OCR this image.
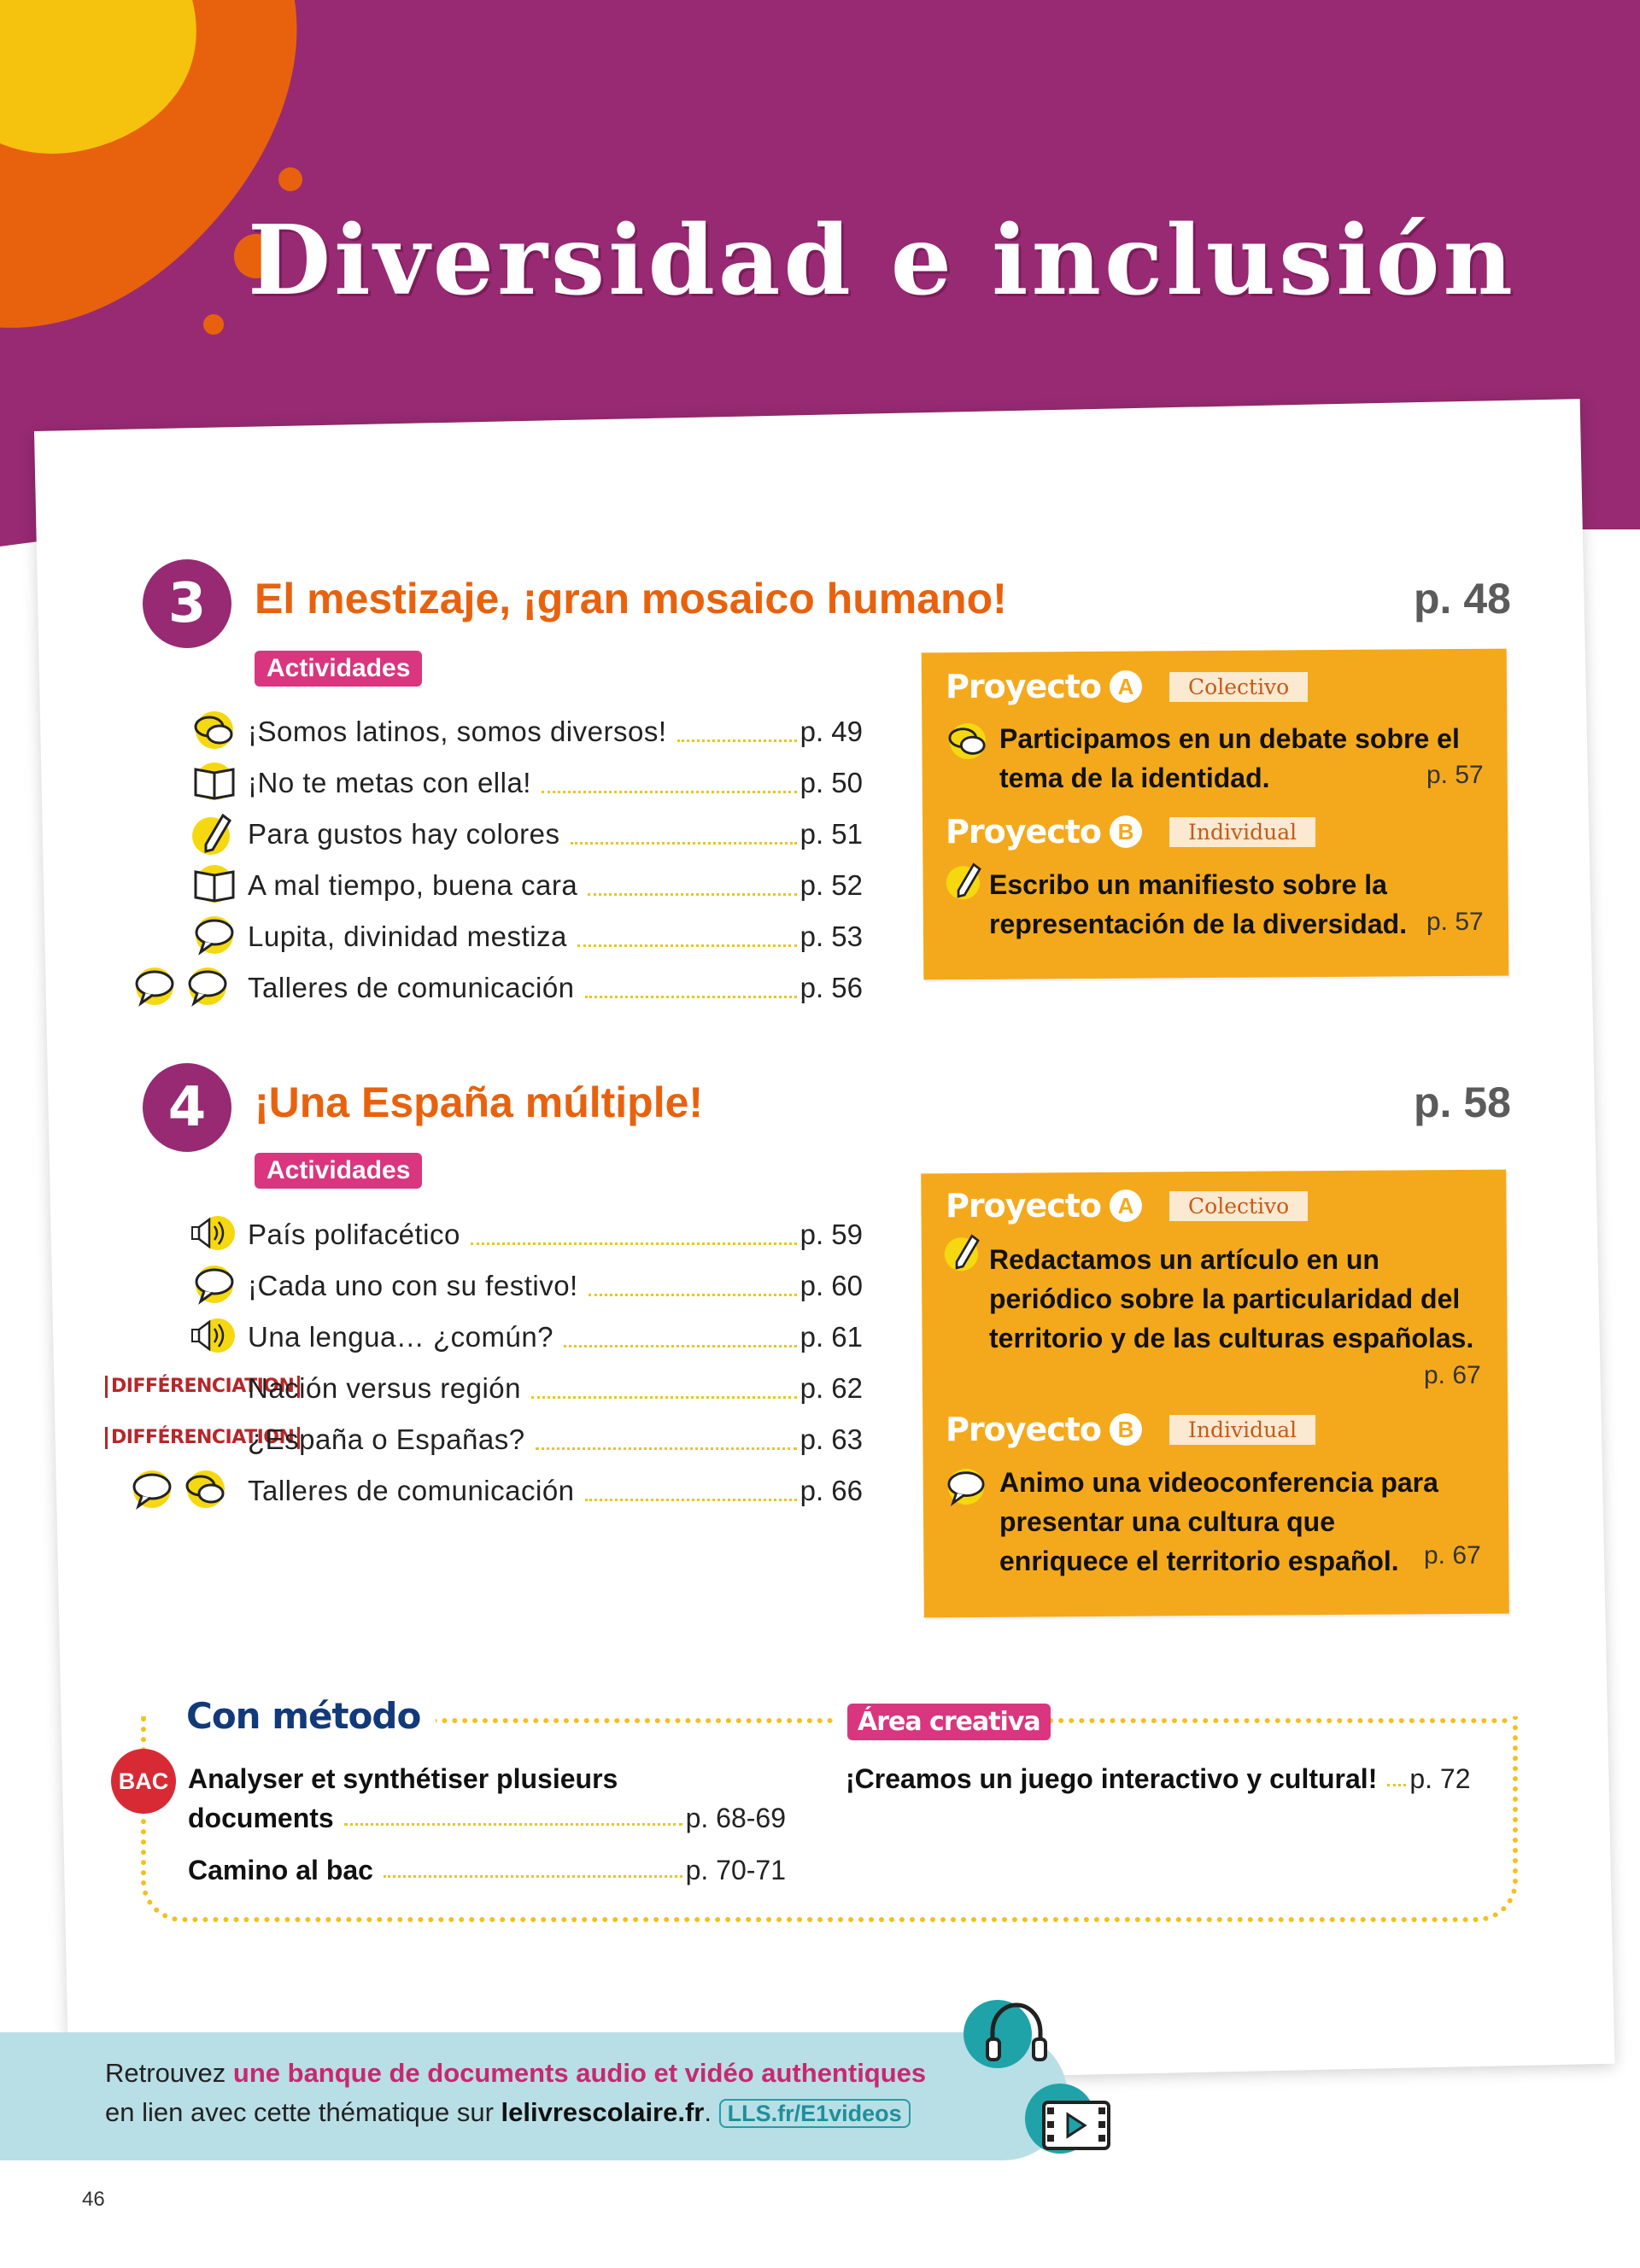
Diversidad e inclusión
3	El mestizaje, ¡gran mosaico humano!	p. 48
Actividades
¡Somos latinos, somos diversos!	p. 49
¡No te metas con ella!	p. 50
Para gustos hay colores	p. 51
A mal tiempo, buena cara	p. 52
Lupita, divinidad mestiza	p. 53
Talleres de comunicación	p. 56
Proyecto A	Colectivo
Participamos en un debate sobre el tema de la identidad.	p. 57
Proyecto B	Individual
Escribo un manifiesto sobre la representación de la diversidad. p. 57
4	¡Una España múltiple!	p. 58
Actividades
DIFFÉRENCIATION
DIFFÉRENCIATION
País polifacético	p. 59
¡Cada uno con su festivo!	p. 60
Una lengua… ¿común?	p. 61
Nación versus región	p. 62
¿España o Españas?	p. 63
Talleres de comunicación	p. 66
Proyecto A	Colectivo
Redactamos un artículo en un periódico sobre la particularidad del territorio y de las culturas españolas.
p. 67
Proyecto B	Individual
Animo una videoconferencia para presentar una cultura que enriquece el territorio español. p. 67
Con método	Área creativa
BAC Analyser et synthétiser plusieurs
documents	p. 68-69
Camino al bac	p. 70-71
¡Creamos un juego interactivo y cultural! p. 72
Retrouvez une banque de documents audio et vidéo authentiques
en lien avec cette thématique sur lelivrescolaire.fr. LLS.fr/E1videos
46
